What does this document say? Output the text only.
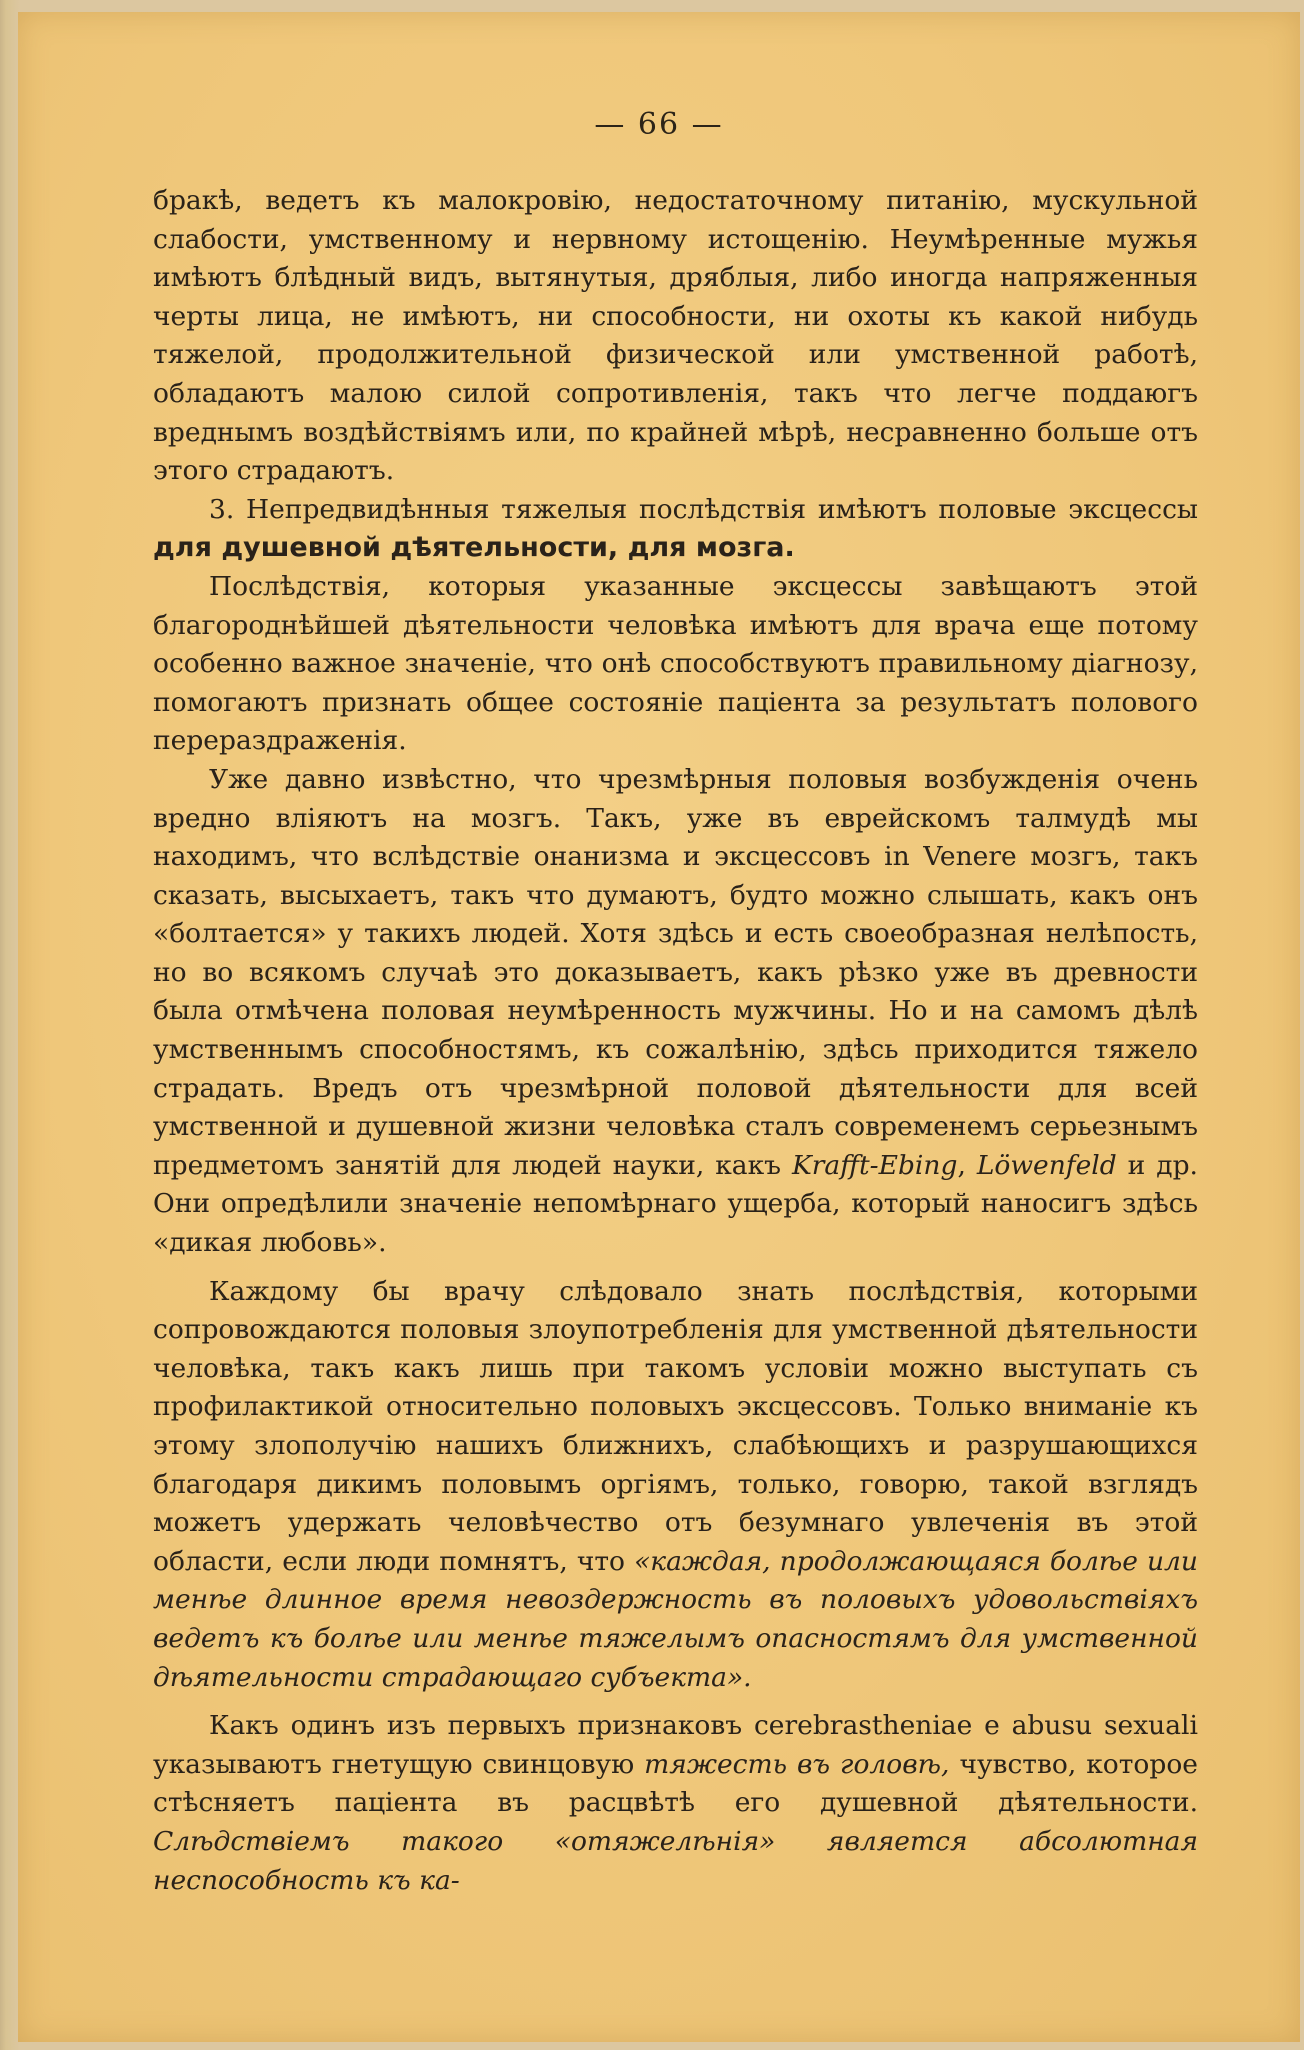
— 66 —

бракѣ, ведетъ къ малокровію, недостаточному питанію, мускульной слабости, умственному и нервному истощенію. Неумѣренные мужья имѣютъ блѣдный видъ, вытянутыя, дряблыя, либо иногда напряженныя черты лица, не имѣютъ, ни способности, ни охоты къ какой нибудь тяжелой, продолжительной физической или умственной работѣ, обладаютъ малою силой сопротивленія, такъ что легче поддаюгъ вреднымъ воздѣйствіямъ или, по крайней мѣрѣ, несравненно больше отъ этого страдаютъ.

3. Непредвидѣнныя тяжелыя послѣдствія имѣютъ половые эксцессы для душевной дѣятельности, для мозга.

Послѣдствія, которыя указанные эксцессы завѣщаютъ этой благороднѣйшей дѣятельности человѣка имѣютъ для врача еще потому особенно важное значеніе, что онѣ способствуютъ правильному діагнозу, помогаютъ признать общее состояніе паціента за результатъ полового перераздраженія.

Уже давно извѣстно, что чрезмѣрныя половыя возбужденія очень вредно вліяютъ на мозгъ. Такъ, уже въ еврейскомъ талмудѣ мы находимъ, что вслѣдствіе онанизма и эксцессовъ in Venere мозгъ, такъ сказать, высыхаетъ, такъ что думаютъ, будто можно слышать, какъ онъ «болтается» у такихъ людей. Хотя здѣсь и есть своеобразная нелѣпость, но во всякомъ случаѣ это доказываетъ, какъ рѣзко уже въ древности была отмѣчена половая неумѣренность мужчины. Но и на самомъ дѣлѣ умственнымъ способностямъ, къ сожалѣнію, здѣсь приходится тяжело страдать. Вредъ отъ чрезмѣрной половой дѣятельности для всей умственной и душевной жизни человѣка сталъ современемъ серьезнымъ предметомъ занятій для людей науки, какъ Krafft-Ebing, Löwenfeld и др. Они опредѣлили значеніе непомѣрнаго ущерба, который наносигъ здѣсь «дикая любовь».

Каждому бы врачу слѣдовало знать послѣдствія, которыми сопровождаются половыя злоупотребленія для умственной дѣятельности человѣка, такъ какъ лишь при такомъ условіи можно выступать съ профилактикой относительно половыхъ эксцессовъ. Только вниманіе къ этому злополучію нашихъ ближнихъ, слабѣющихъ и разрушающихся благодаря дикимъ половымъ оргіямъ, только, говорю, такой взглядъ можетъ удержать человѣчество отъ безумнаго увлеченія въ этой области, если люди помнятъ, что «каждая, продолжающаяся болѣе или менѣе длинное время невоздержность въ половыхъ удовольствіяхъ ведетъ къ болѣе или менѣе тяжелымъ опасностямъ для умственной дѣятельности страдающаго субъекта».

Какъ одинъ изъ первыхъ признаковъ cerebrasthenіае e abusu sexuali указываютъ гнетущую свинцовую тяжесть въ головѣ, чувство, которое стѣсняетъ паціента въ расцвѣтѣ его душевной дѣятельности. Слѣдствіемъ такого «отяжелѣнія» является абсолютная неспособность къ ка-
